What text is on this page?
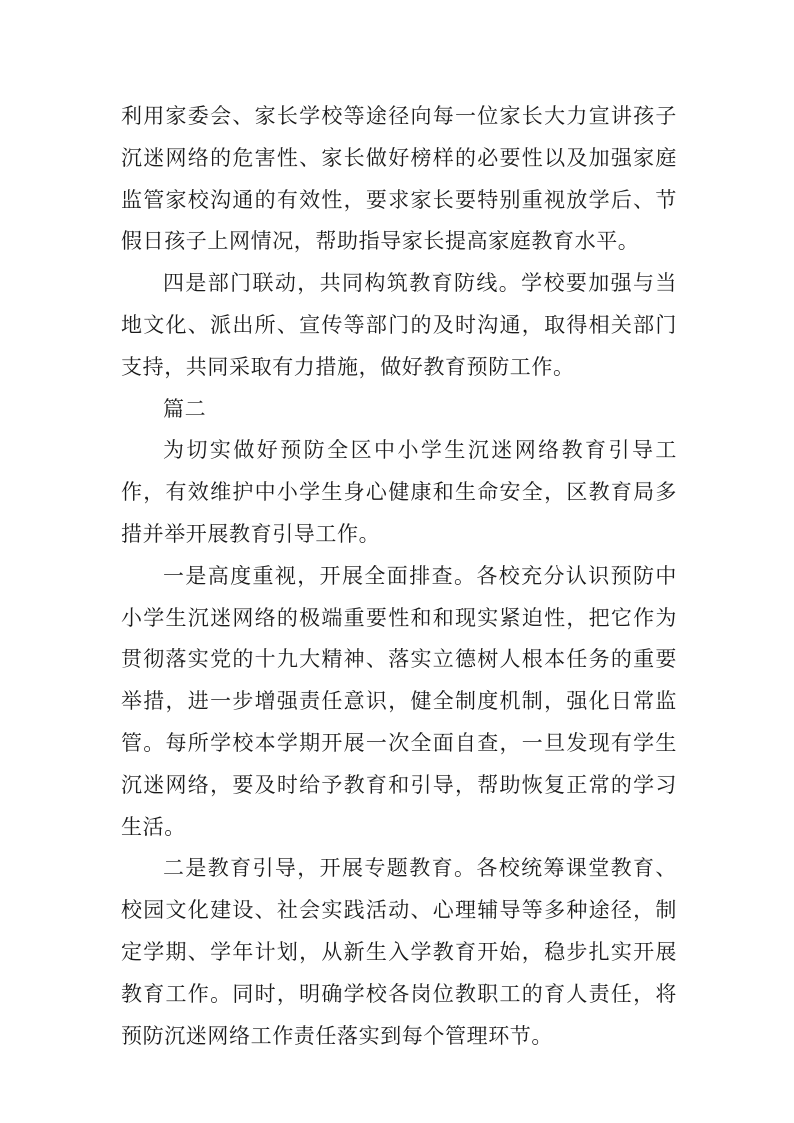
利用家委会、家长学校等途径向每一位家长大力宣讲孩子沉迷网络的危害性、家长做好榜样的必要性以及加强家庭监管家校沟通的有效性，要求家长要特别重视放学后、节假日孩子上网情况，帮助指导家长提高家庭教育水平。

四是部门联动，共同构筑教育防线。学校要加强与当地文化、派出所、宣传等部门的及时沟通，取得相关部门支持，共同采取有力措施，做好教育预防工作。

篇二

为切实做好预防全区中小学生沉迷网络教育引导工作，有效维护中小学生身心健康和生命安全，区教育局多措并举开展教育引导工作。

一是高度重视，开展全面排查。各校充分认识预防中小学生沉迷网络的极端重要性和和现实紧迫性，把它作为贯彻落实党的十九大精神、落实立德树人根本任务的重要举措，进一步增强责任意识，健全制度机制，强化日常监管。每所学校本学期开展一次全面自查，一旦发现有学生沉迷网络，要及时给予教育和引导，帮助恢复正常的学习生活。

二是教育引导，开展专题教育。各校统筹课堂教育、校园文化建设、社会实践活动、心理辅导等多种途径，制定学期、学年计划，从新生入学教育开始，稳步扎实开展教育工作。同时，明确学校各岗位教职工的育人责任，将预防沉迷网络工作责任落实到每个管理环节。
